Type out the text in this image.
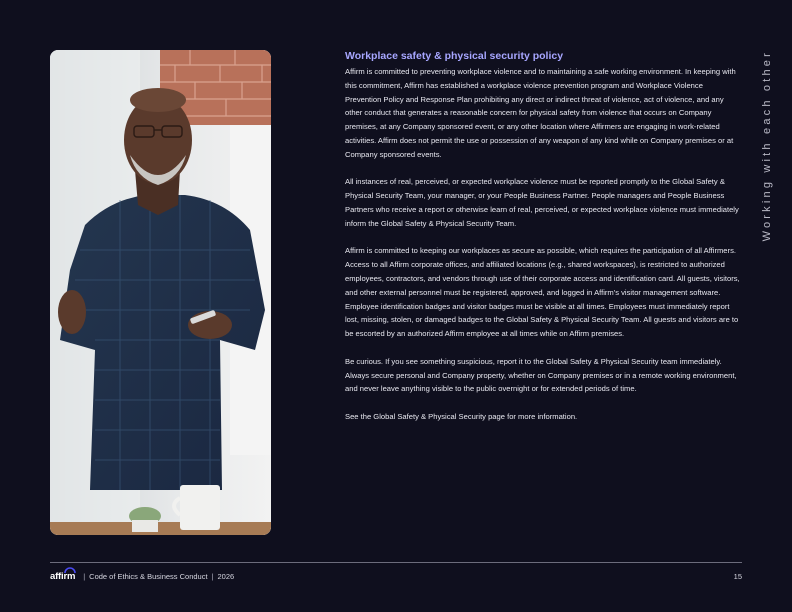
Workplace safety & physical security policy

Affirm is committed to preventing workplace violence and to maintaining a safe working environment. In keeping with this commitment, Affirm has established a workplace violence prevention program and Workplace Violence Prevention Policy and Response Plan prohibiting any direct or indirect threat of violence, act of violence, and any other conduct that generates a reasonable concern for physical safety from violence that occurs on Company premises, at any Company sponsored event, or any other location where Affirmers are engaging in work-related activities. Affirm does not permit the use or possession of any weapon of any kind while on Company premises or at Company sponsored events.

All instances of real, perceived, or expected workplace violence must be reported promptly to the Global Safety & Physical Security Team, your manager, or your People Business Partner. People managers and People Business Partners who receive a report or otherwise learn of real, perceived, or expected workplace violence must immediately inform the Global Safety & Physical Security Team.

Affirm is committed to keeping our workplaces as secure as possible, which requires the participation of all Affirmers. Access to all Affirm corporate offices, and affiliated locations (e.g., shared workspaces), is restricted to authorized employees, contractors, and vendors through use of their corporate access and identification card. All guests, visitors, and other external personnel must be registered, approved, and logged in Affirm's visitor management software. Employee identification badges and visitor badges must be visible at all times. Employees must immediately report lost, missing, stolen, or damaged badges to the Global Safety & Physical Security Team. All guests and visitors are to be escorted by an authorized Affirm employee at all times while on Affirm premises.

Be curious. If you see something suspicious, report it to the Global Safety & Physical Security team immediately. Always secure personal and Company property, whether on Company premises or in a remote working environment, and never leave anything visible to the public overnight or for extended periods of time.

See the Global Safety & Physical Security page for more information.

Working with each other
affirm | Code of Ethics & Business Conduct | 2026	15
